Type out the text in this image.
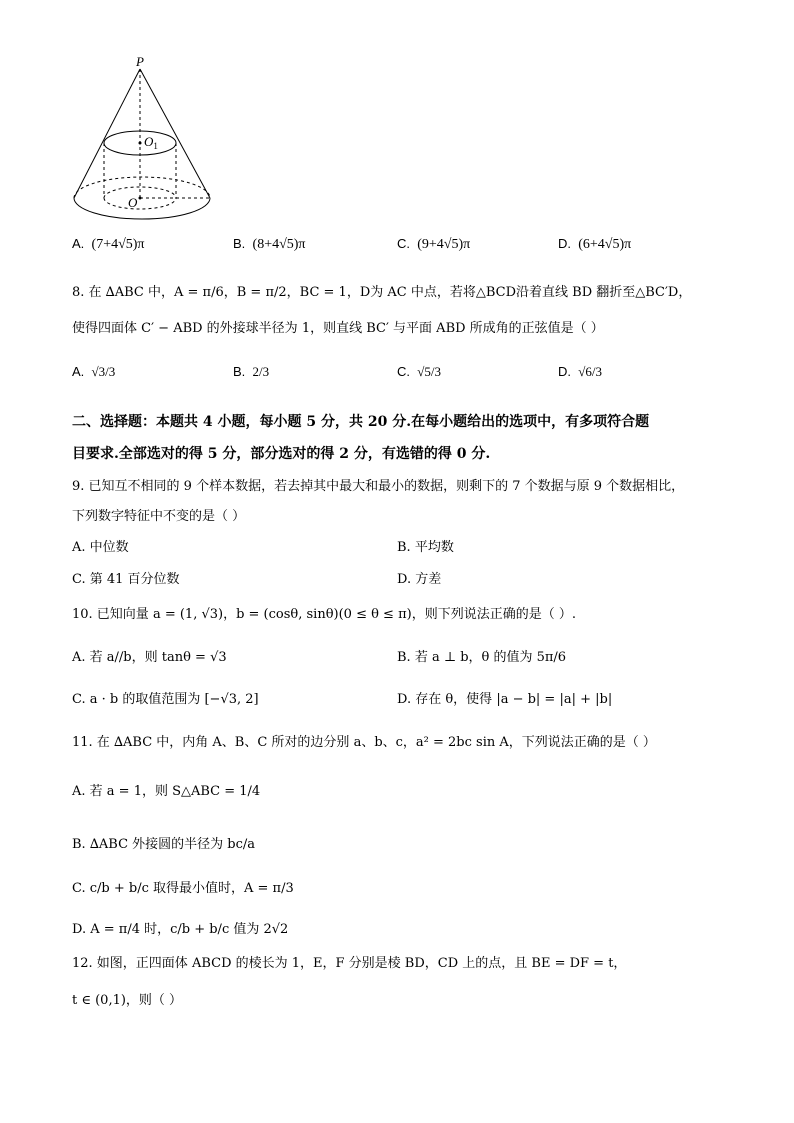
P
$O_1$
O
A. (7+4√5)π	B. (8+4√5)π	C. (9+4√5)π	D. (6+4√5)π
8. 在 ∆ABC 中，A = π/6，B = π/2，BC = 1，D为 AC 中点，若将△BCD沿着直线 BD 翻折至△BC′D，
使得四面体 C′ − ABD 的外接球半径为 1，则直线 BC′ 与平面 ABD 所成角的正弦值是（ ）
A. √3/3	B. 2/3	C. √5/3	D. √6/3
二、选择题：本题共 4 小题，每小题 5 分，共 20 分.在每小题给出的选项中，有多项符合题
目要求.全部选对的得 5 分，部分选对的得 2 分，有选错的得 0 分.
9. 已知互不相同的 9 个样本数据，若去掉其中最大和最小的数据，则剩下的 7 个数据与原 9 个数据相比，
下列数字特征中不变的是（ ）
A. 中位数	B. 平均数
C. 第 41 百分位数	D. 方差
10. 已知向量 a = (1, √3)，b = (cosθ, sinθ)(0 ≤ θ ≤ π)，则下列说法正确的是（ ）.
A. 若 a//b，则 tanθ = √3	B. 若 a ⊥ b，θ 的值为 5π/6
C. a · b 的取值范围为 [−√3, 2]	D. 存在 θ，使得 |a − b| = |a| + |b|
11. 在 ∆ABC 中，内角 A、B、C 所对的边分别 a、b、c，a² = 2bc sin A，下列说法正确的是（ ）
A. 若 a = 1，则 S△ABC = 1/4
B. ∆ABC 外接圆的半径为 bc/a
C. c/b + b/c 取得最小值时，A = π/3
D. A = π/4 时，c/b + b/c 值为 2√2
12. 如图，正四面体 ABCD 的棱长为 1，E，F 分别是棱 BD，CD 上的点，且 BE = DF = t，
t ∈ (0,1)，则（ ）
